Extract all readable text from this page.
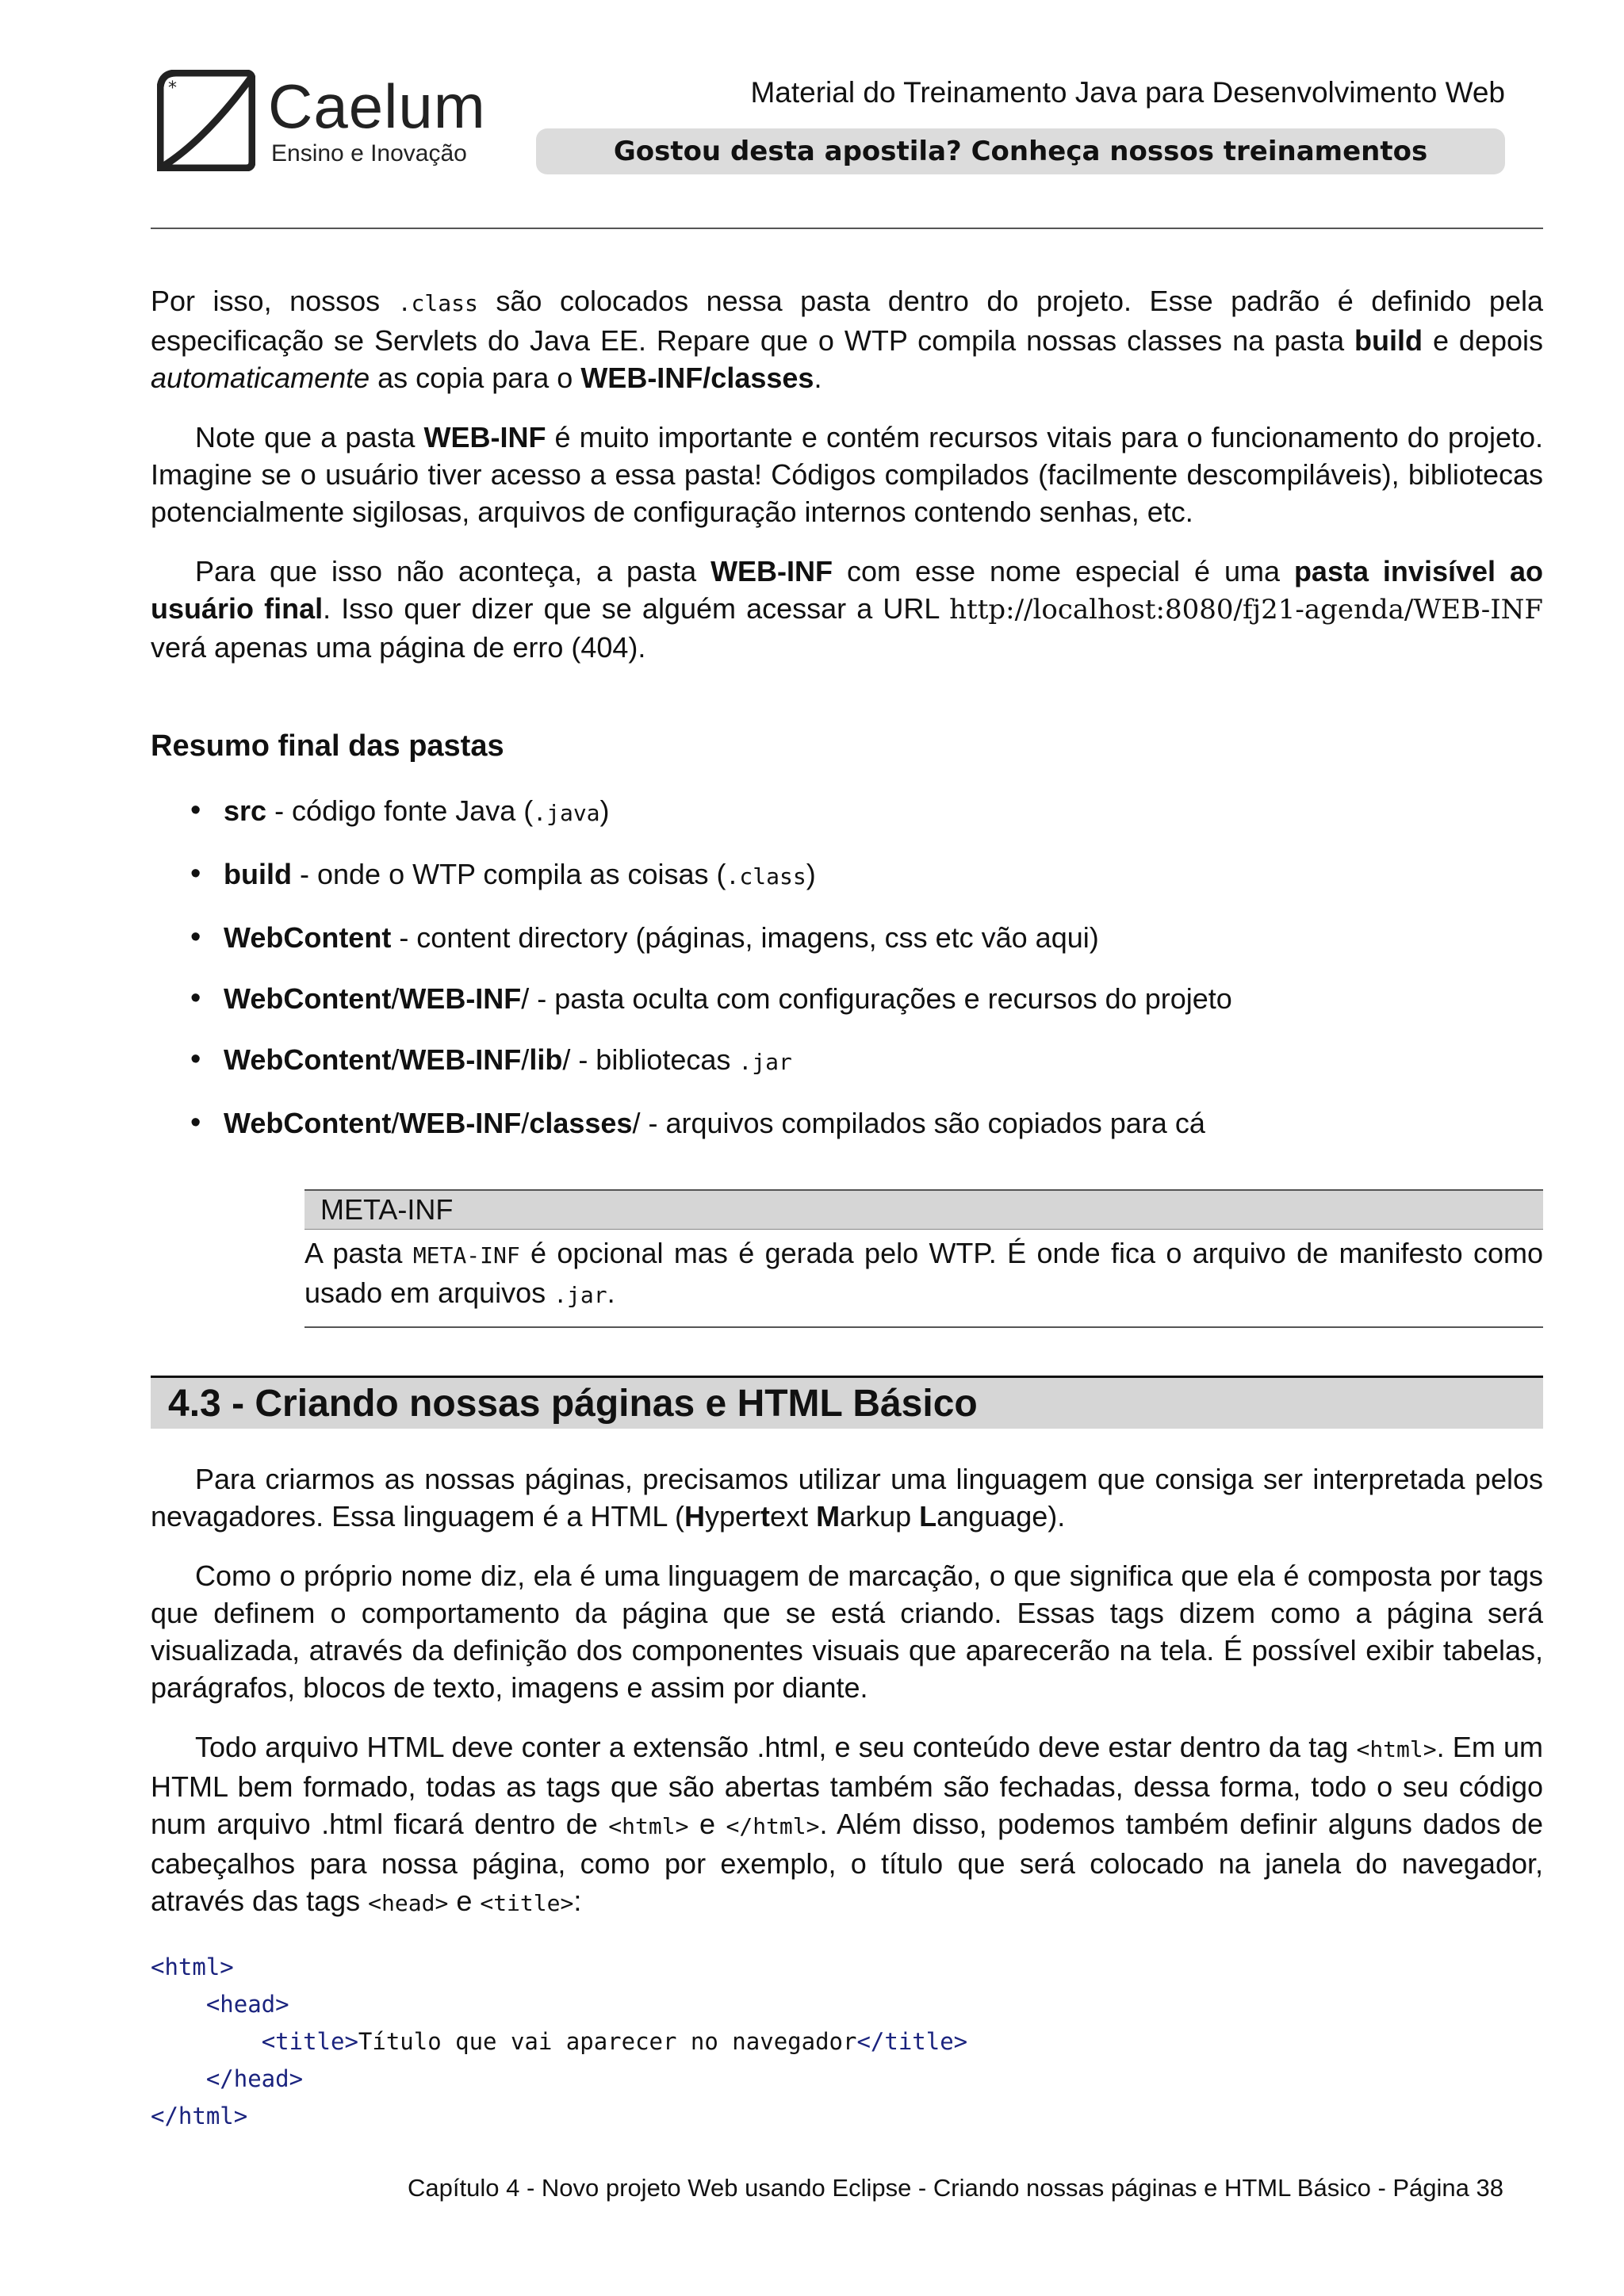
* Caelum
Ensino e Inovação
Material do Treinamento Java para Desenvolvimento Web
Gostou desta apostila? Conheça nossos treinamentos

Por isso, nossos .class são colocados nessa pasta dentro do projeto. Esse padrão é definido pela especificação se Servlets do Java EE. Repare que o WTP compila nossas classes na pasta build e depois automaticamente as copia para o WEB-INF/classes.

Note que a pasta WEB-INF é muito importante e contém recursos vitais para o funcionamento do projeto. Imagine se o usuário tiver acesso a essa pasta! Códigos compilados (facilmente descompiláveis), bibliotecas potencialmente sigilosas, arquivos de configuração internos contendo senhas, etc.

Para que isso não aconteça, a pasta WEB-INF com esse nome especial é uma pasta invisível ao usuário final. Isso quer dizer que se alguém acessar a URL http://localhost:8080/fj21-agenda/WEB-INF verá apenas uma página de erro (404).

Resumo final das pastas
• src - código fonte Java (.java)
• build - onde o WTP compila as coisas (.class)
• WebContent - content directory (páginas, imagens, css etc vão aqui)
• WebContent/WEB-INF/ - pasta oculta com configurações e recursos do projeto
• WebContent/WEB-INF/lib/ - bibliotecas .jar
• WebContent/WEB-INF/classes/ - arquivos compilados são copiados para cá
META-INF
A pasta META-INF é opcional mas é gerada pelo WTP. É onde fica o arquivo de manifesto como usado em arquivos .jar.
4.3 - Criando nossas páginas e HTML Básico

Para criarmos as nossas páginas, precisamos utilizar uma linguagem que consiga ser interpretada pelos nevagadores. Essa linguagem é a HTML (Hypertext Markup Language).

Como o próprio nome diz, ela é uma linguagem de marcação, o que significa que ela é composta por tags que definem o comportamento da página que se está criando. Essas tags dizem como a página será visualizada, através da definição dos componentes visuais que aparecerão na tela. É possível exibir tabelas, parágrafos, blocos de texto, imagens e assim por diante.

Todo arquivo HTML deve conter a extensão .html, e seu conteúdo deve estar dentro da tag <html>. Em um HTML bem formado, todas as tags que são abertas também são fechadas, dessa forma, todo o seu código num arquivo .html ficará dentro de <html> e </html>. Além disso, podemos também definir alguns dados de cabeçalhos para nossa página, como por exemplo, o título que será colocado na janela do navegador, através das tags <head> e <title>:

<html>
<head>
<title>Título que vai aparecer no navegador</title>
</head>
</html>
Capítulo 4 - Novo projeto Web usando Eclipse - Criando nossas páginas e HTML Básico - Página 38
